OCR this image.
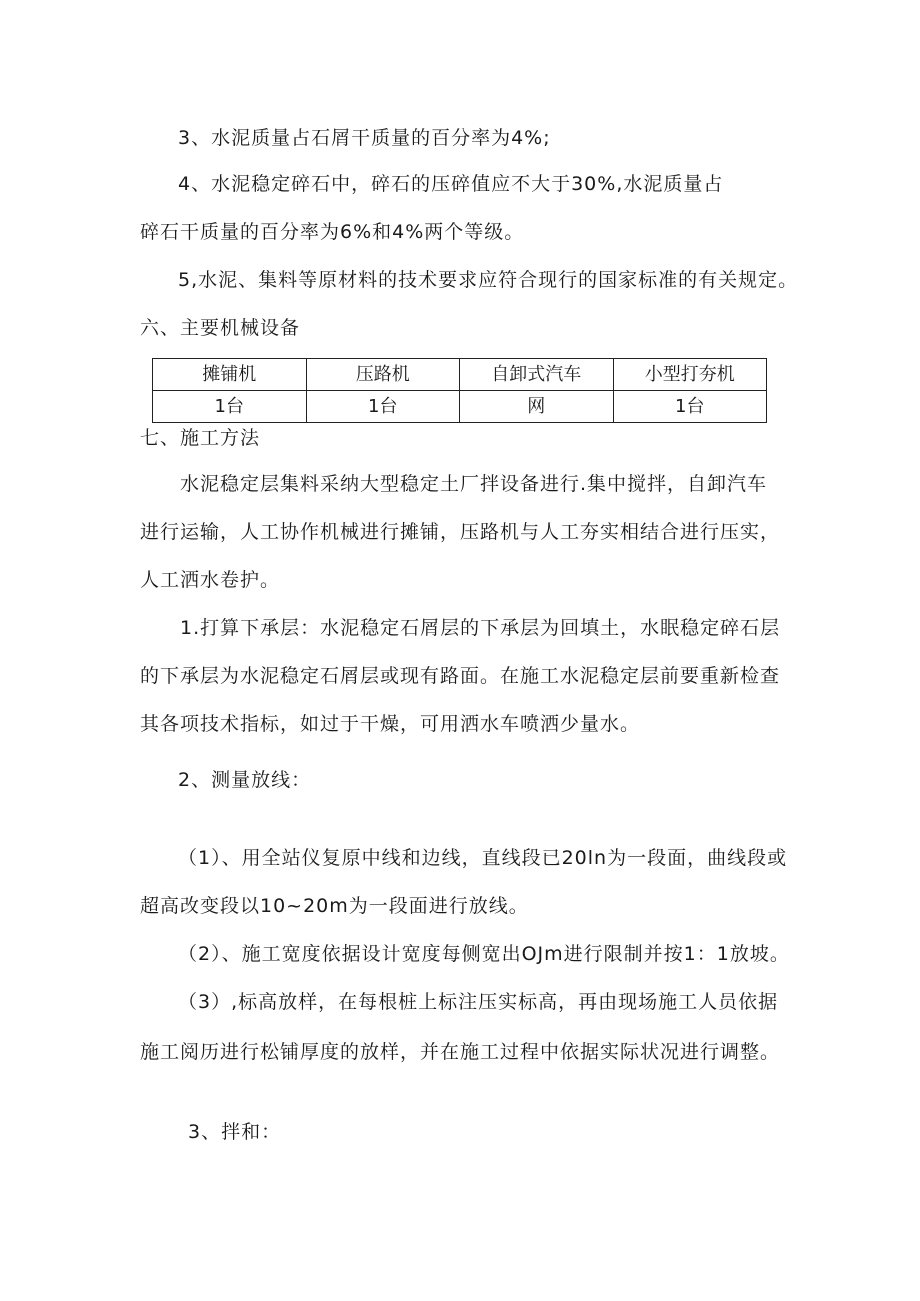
3、水泥质量占石屑干质量的百分率为4%;
4、水泥稳定碎石中，碎石的压碎值应不大于30%,水泥质量占
碎石干质量的百分率为6%和4%两个等级。
5,水泥、集料等原材料的技术要求应符合现行的国家标准的有关规定。
六、主要机械设备
摊铺机	压路机	自卸式汽车	小型打夯机
1台	1台	网	1台
七、施工方法
水泥稳定层集料采纳大型稳定土厂拌设备进行.集中搅拌，自卸汽车
进行运输，人工协作机械进行摊铺，压路机与人工夯实相结合进行压实，
人工洒水卷护。
1.打算下承层：水泥稳定石屑层的下承层为回填土，水眠稳定碎石层
的下承层为水泥稳定石屑层或现有路面。在施工水泥稳定层前要重新检查
其各项技术指标，如过于干燥，可用洒水车喷洒少量水。
2、测量放线：
（1）、用全站仪复原中线和边线，直线段已20ln为一段面，曲线段或
超高改变段以10~20m为一段面进行放线。
（2）、施工宽度依据设计宽度每侧宽出OJm进行限制并按1：1放坡。
（3）,标高放样，在每根桩上标注压实标高，再由现场施工人员依据
施工阅历进行松铺厚度的放样，并在施工过程中依据实际状况进行调整。
3、拌和：
